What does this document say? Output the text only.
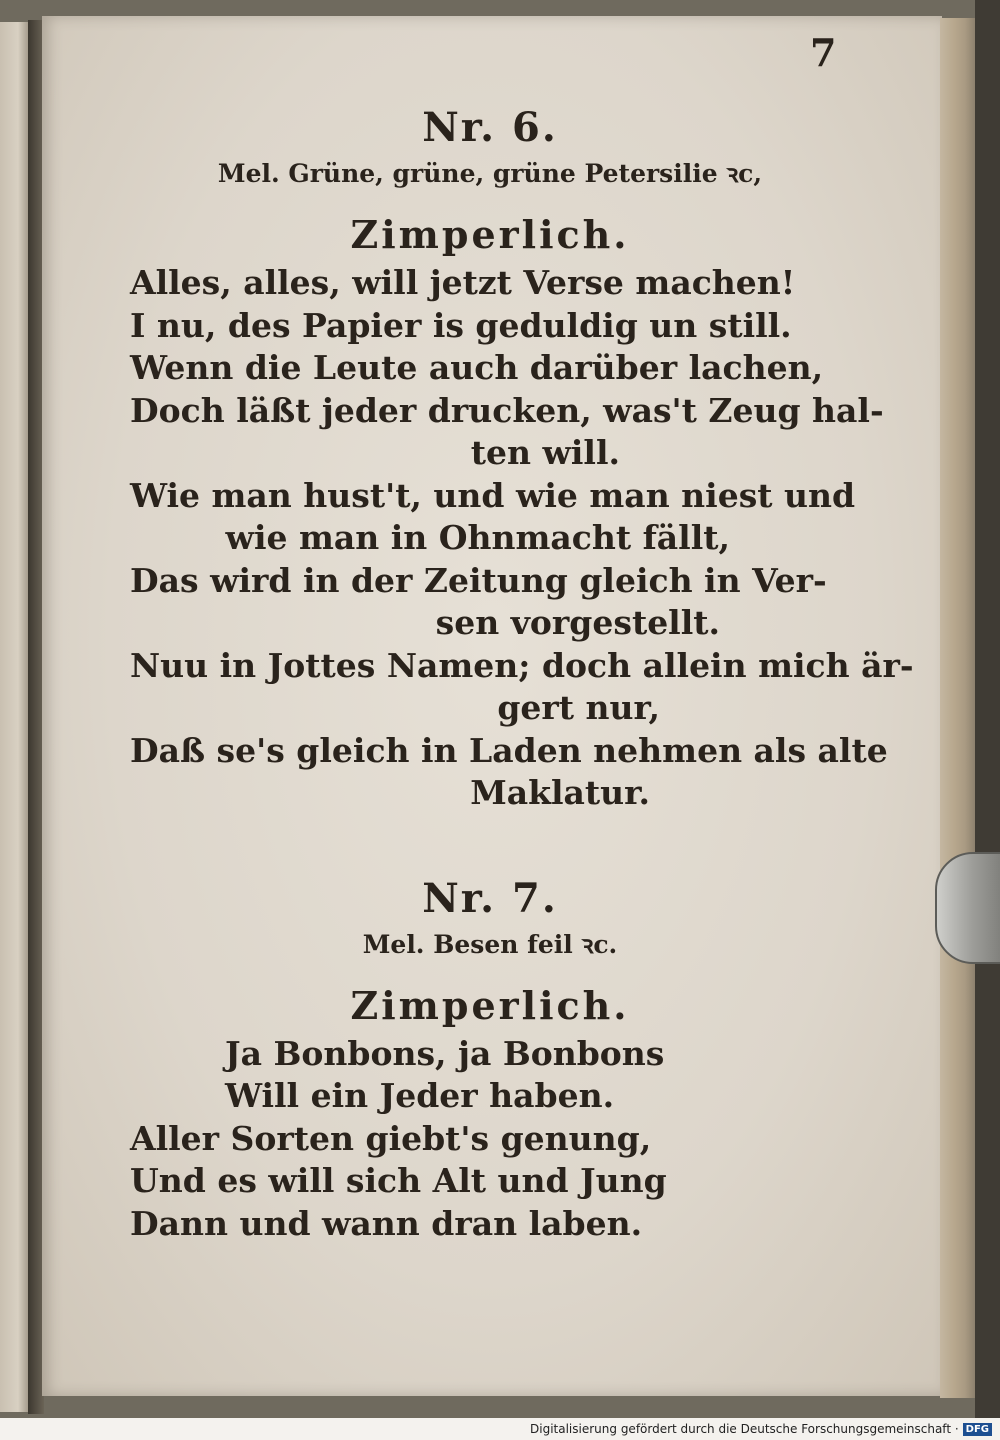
7
Nr. 6.
Mel. Grüne, grüne, grüne Petersilie ꝛc,
Zimperlich.
Alles, alles, will jetzt Verse machen!
I nu, des Papier is geduldig un still.
Wenn die Leute auch darüber lachen,
Doch läßt jeder drucken, was't Zeug hal-
ten will.
Wie man hust't, und wie man niest und
wie man in Ohnmacht fällt,
Das wird in der Zeitung gleich in Ver-
sen vorgestellt.
Nuu in Jottes Namen; doch allein mich är-
gert nur,
Daß se's gleich in Laden nehmen als alte
Maklatur.
Nr. 7.
Mel. Besen feil ꝛc.
Zimperlich.
Ja Bonbons, ja Bonbons
Will ein Jeder haben.
Aller Sorten giebt's genung,
Und es will sich Alt und Jung
Dann und wann dran laben.
Digitalisierung gefördert durch die Deutsche Forschungsgemeinschaft · DFG
